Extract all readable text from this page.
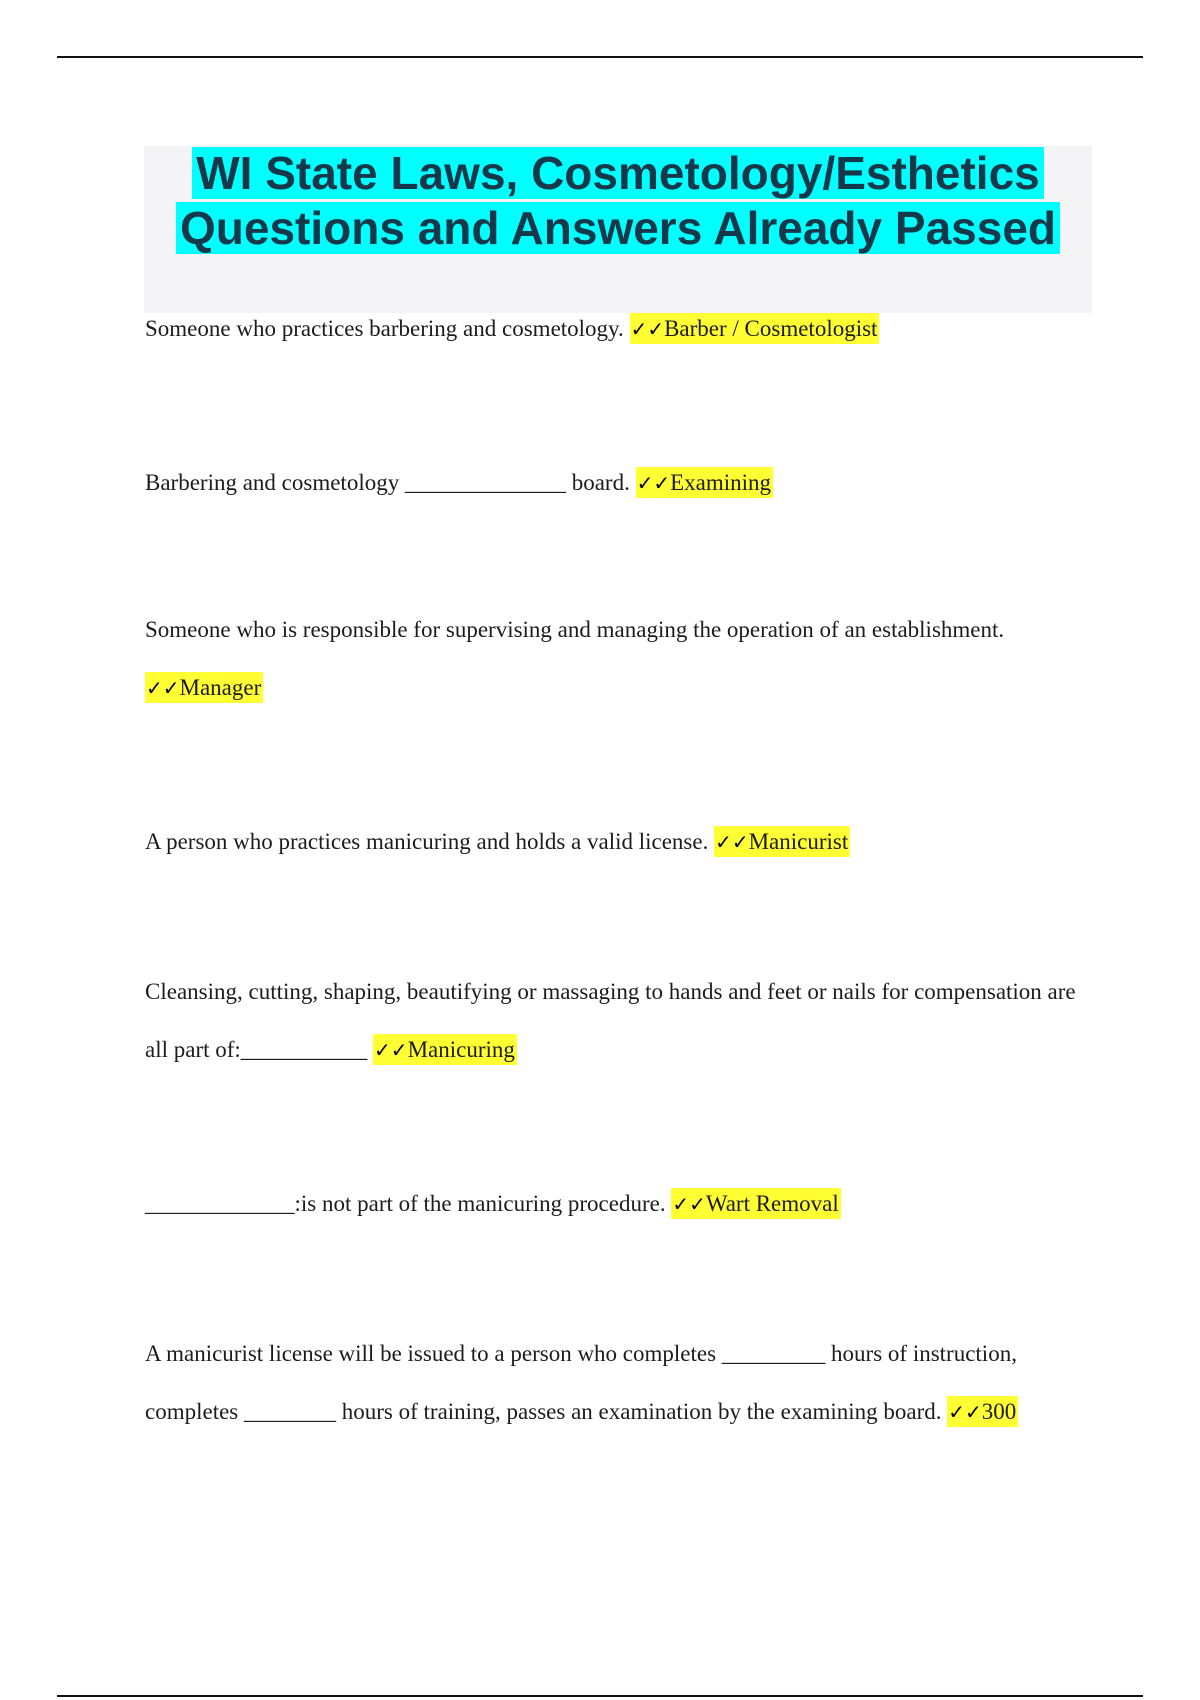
WI State Laws, Cosmetology/Esthetics
Questions and Answers Already Passed
Someone who practices barbering and cosmetology. ✓✓Barber / Cosmetologist
Barbering and cosmetology ______________ board. ✓✓Examining
Someone who is responsible for supervising and managing the operation of an establishment. ✓✓Manager
A person who practices manicuring and holds a valid license. ✓✓Manicurist
Cleansing, cutting, shaping, beautifying or massaging to hands and feet or nails for compensation are all part of:___________ ✓✓Manicuring
_____________:is not part of the manicuring procedure. ✓✓Wart Removal
A manicurist license will be issued to a person who completes _________ hours of instruction, completes ________ hours of training, passes an examination by the examining board. ✓✓300
